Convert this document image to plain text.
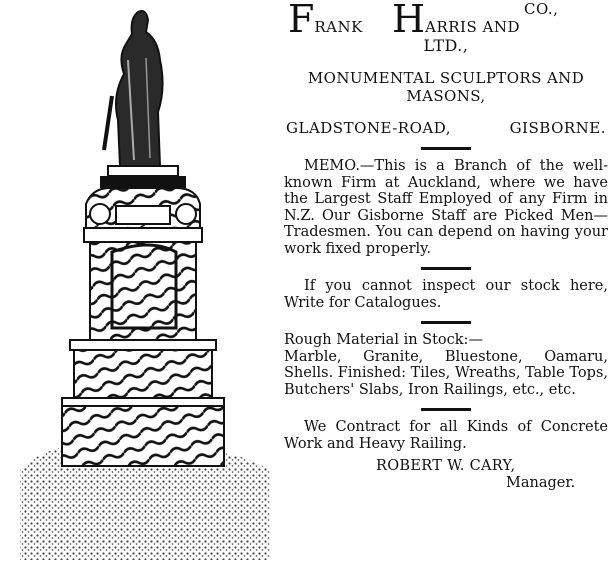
FRANK HARRIS AND
CO.,
LTD.,
MONUMENTAL SCULPTORS AND MASONS,
GLADSTONE-ROAD,	GISBORNE.
MEMO.—This is a Branch of the well-known Firm at Auckland, where we have the Largest Staff Employed of any Firm in N.Z. Our Gisborne Staff are Picked Men—Tradesmen. You can depend on having your work fixed properly.
If you cannot inspect our stock here, Write for Catalogues.
Rough Material in Stock:—
Marble, Granite, Bluestone, Oamaru, Shells. Finished: Tiles, Wreaths, Table Tops, Butchers' Slabs, Iron Railings, etc., etc.
We Contract for all Kinds of Concrete Work and Heavy Railing.
ROBERT W. CARY,
Manager.
